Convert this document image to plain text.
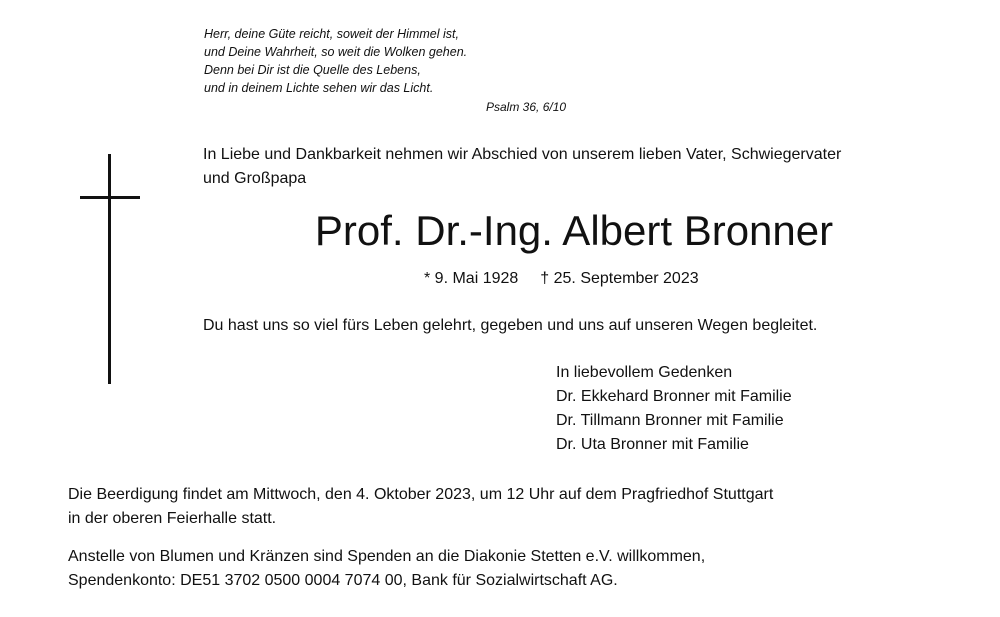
Herr, deine Güte reicht, soweit der Himmel ist,
und Deine Wahrheit, so weit die Wolken gehen.
Denn bei Dir ist die Quelle des Lebens,
und in deinem Lichte sehen wir das Licht.
Psalm 36, 6/10
In Liebe und Dankbarkeit nehmen wir Abschied von unserem lieben Vater, Schwiegervater
und Großpapa
Prof. Dr.-Ing. Albert Bronner
* 9. Mai 1928 † 25. September 2023
Du hast uns so viel fürs Leben gelehrt, gegeben und uns auf unseren Wegen begleitet.
In liebevollem Gedenken
Dr. Ekkehard Bronner mit Familie
Dr. Tillmann Bronner mit Familie
Dr. Uta Bronner mit Familie
Die Beerdigung findet am Mittwoch, den 4. Oktober 2023, um 12 Uhr auf dem Pragfriedhof Stuttgart
in der oberen Feierhalle statt.
Anstelle von Blumen und Kränzen sind Spenden an die Diakonie Stetten e.V. willkommen,
Spendenkonto: DE51 3702 0500 0004 7074 00, Bank für Sozialwirtschaft AG.
